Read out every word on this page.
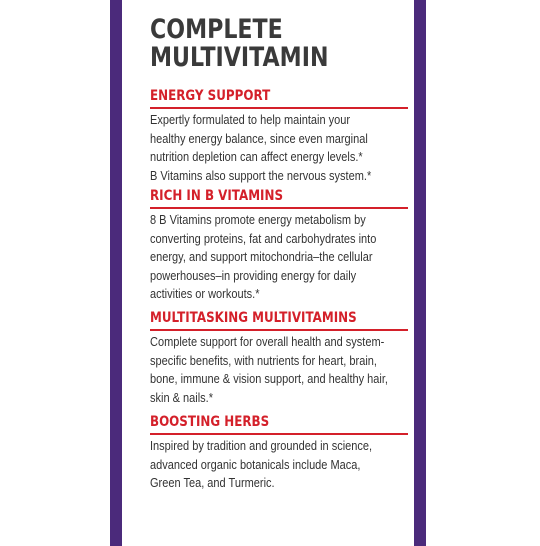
COMPLETE
MULTIVITAMIN
ENERGY SUPPORT
Expertly formulated to help maintain your
healthy energy balance, since even marginal
nutrition depletion can affect energy levels.*
B Vitamins also support the nervous system.*
RICH IN B VITAMINS
8 B Vitamins promote energy metabolism by
converting proteins, fat and carbohydrates into
energy, and support mitochondria–the cellular
powerhouses–in providing energy for daily
activities or workouts.*
MULTITASKING MULTIVITAMINS
Complete support for overall health and system-
specific benefits, with nutrients for heart, brain,
bone, immune & vision support, and healthy hair,
skin & nails.*
BOOSTING HERBS
Inspired by tradition and grounded in science,
advanced organic botanicals include Maca,
Green Tea, and Turmeric.
